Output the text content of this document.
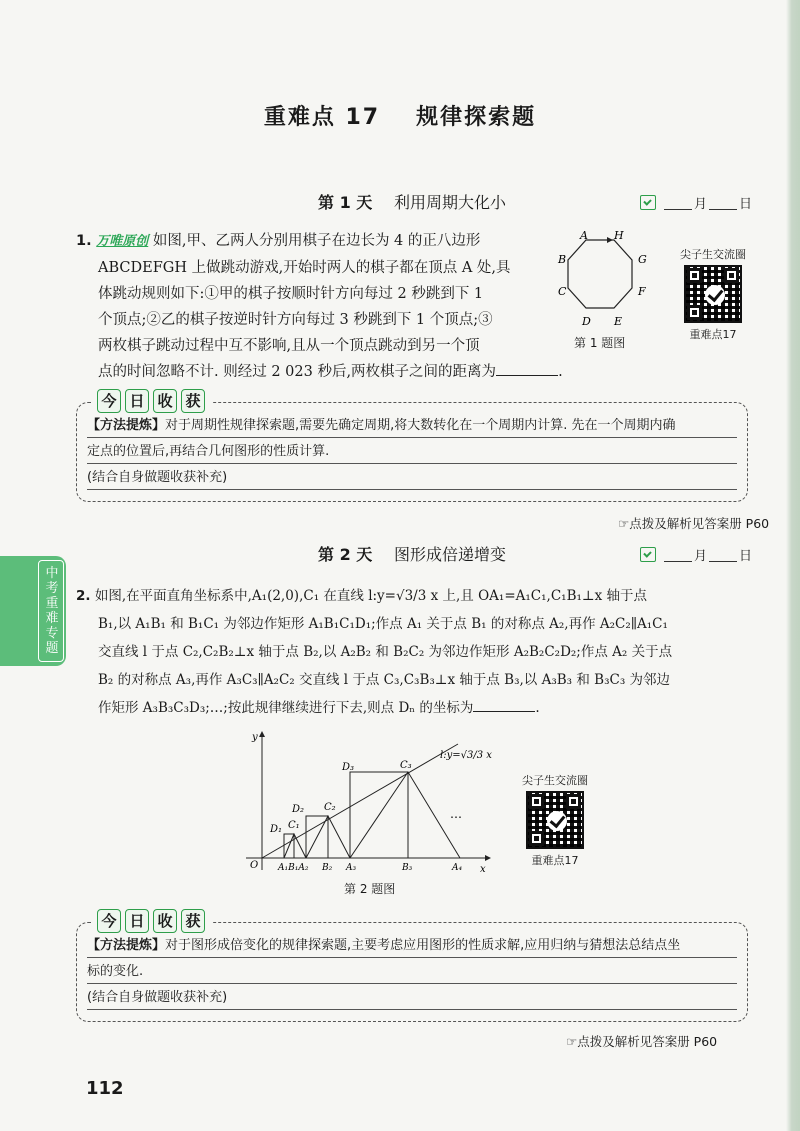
重难点 17 规律探索题
第 1 天 利用周期大化小	月 日
1. 万唯原创 如图,甲、乙两人分别用棋子在边长为 4 的正八边形
ABCDEFGH 上做跳动游戏,开始时两人的棋子都在顶点 A 处,具
体跳动规则如下:①甲的棋子按顺时针方向每过 2 秒跳到下 1
个顶点;②乙的棋子按逆时针方向每过 3 秒跳到下 1 个顶点;③
两枚棋子跳动过程中互不影响,且从一个顶点跳动到另一个顶
点的时间忽略不计. 则经过 2 023 秒后,两枚棋子之间的距离为	.
A H
G
F
E
D
C
B
第 1 题图
尖子生交流圈
重难点17
今 日 收 获
【方法提炼】对于周期性规律探索题,需要先确定周期,将大数转化在一个周期内计算. 先在一个周期内确
定点的位置后,再结合几何图形的性质计算.
(结合自身做题收获补充)
☞点拨及解析见答案册 P60
中考重难专题
第 2 天 图形成倍递增变	月 日
2. 如图,在平面直角坐标系中,A₁(2,0),C₁ 在直线 l:y=√3/3 x 上,且 OA₁=A₁C₁,C₁B₁⊥x 轴于点
B₁,以 A₁B₁ 和 B₁C₁ 为邻边作矩形 A₁B₁C₁D₁;作点 A₁ 关于点 B₁ 的对称点 A₂,再作 A₂C₂∥A₁C₁
交直线 l 于点 C₂,C₂B₂⊥x 轴于点 B₂,以 A₂B₂ 和 B₂C₂ 为邻边作矩形 A₂B₂C₂D₂;作点 A₂ 关于点
B₂ 的对称点 A₃,再作 A₃C₃∥A₂C₂ 交直线 l 于点 C₃,C₃B₃⊥x 轴于点 B₃,以 A₃B₃ 和 B₃C₃ 为邻边
作矩形 A₃B₃C₃D₃;…;按此规律继续进行下去,则点 Dₙ 的坐标为	.
y
x
O
l:y=√3/3 x
…
D₁ C₁
D₂ C₂
D₃	C₃
A₁B₁A₂ B₂ A₃	B₃	A₄
第 2 题图
尖子生交流圈
重难点17
今 日 收 获
【方法提炼】对于图形成倍变化的规律探索题,主要考虑应用图形的性质求解,应用归纳与猜想法总结点坐
标的变化.
(结合自身做题收获补充)
☞点拨及解析见答案册 P60
112
